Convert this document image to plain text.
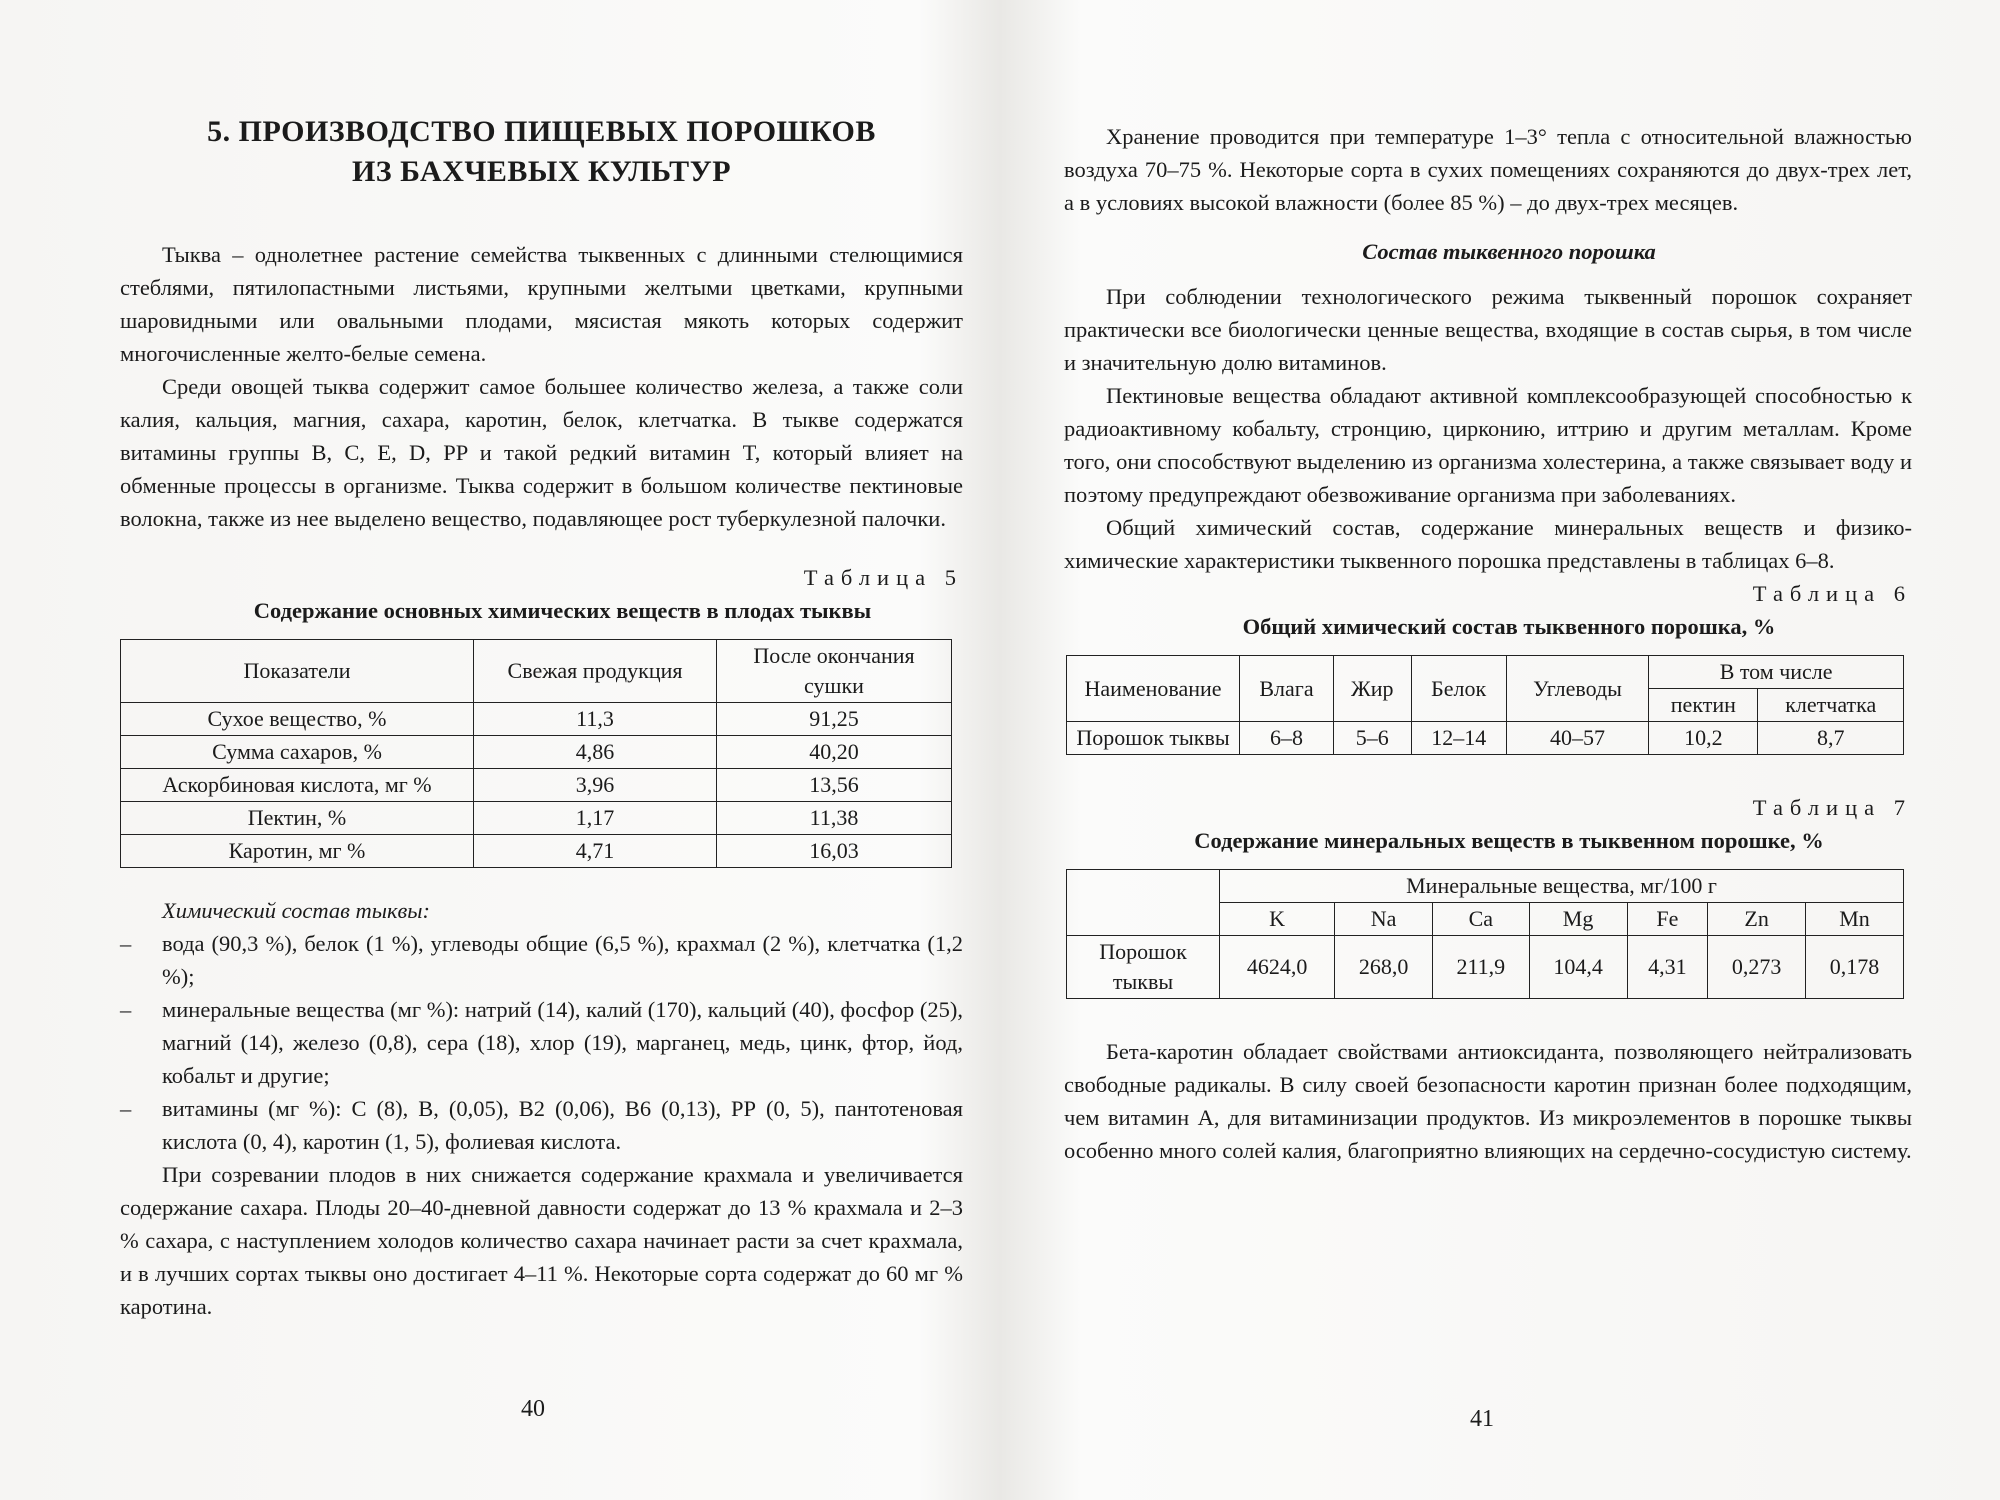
5. ПРОИЗВОДСТВО ПИЩЕВЫХ ПОРОШКОВ
ИЗ БАХЧЕВЫХ КУЛЬТУР

Тыква – однолетнее растение семейства тыквенных с длинными стелющимися стеблями, пятилопастными листьями, крупными желтыми цветками, крупными шаровидными или овальными плодами, мясистая мякоть которых содержит многочисленные желто-белые семена.

Среди овощей тыква содержит самое большее количество железа, а также соли калия, кальция, магния, сахара, каротин, белок, клетчатка. В тыкве содержатся витамины группы B, C, E, D, PP и такой редкий витамин T, который влияет на обменные процессы в организме. Тыква содержит в большом количестве пектиновые волокна, также из нее выделено вещество, подавляющее рост туберкулезной палочки.

Таблица 5

Содержание основных химических веществ в плодах тыквы

Показатели	Свежая продукция	После окончания сушки
Сухое вещество, %	11,3	91,25
Сумма сахаров, %	4,86	40,20
Аскорбиновая кислота, мг %	3,96	13,56
Пектин, %	1,17	11,38
Каротин, мг %	4,71	16,03

Химический состав тыквы:

– вода (90,3 %), белок (1 %), углеводы общие (6,5 %), крахмал (2 %), клетчатка (1,2 %);
– минеральные вещества (мг %): натрий (14), калий (170), кальций (40), фосфор (25), магний (14), железо (0,8), сера (18), хлор (19), марганец, медь, цинк, фтор, йод, кобальт и другие;
– витамины (мг %): С (8), В, (0,05), В2 (0,06), В6 (0,13), РР (0, 5), пантотеновая кислота (0, 4), каротин (1, 5), фолиевая кислота.

При созревании плодов в них снижается содержание крахмала и увеличивается содержание сахара. Плоды 20–40-дневной давности содержат до 13 % крахмала и 2–3 % сахара, с наступлением холодов количество сахара начинает расти за счет крахмала, и в лучших сортах тыквы оно достигает 4–11 %. Некоторые сорта содержат до 60 мг % каротина.

40

Хранение проводится при температуре 1–3° тепла с относительной влажностью воздуха 70–75 %. Некоторые сорта в сухих помещениях сохраняются до двух-трех лет, а в условиях высокой влажности (более 85 %) – до двух-трех месяцев.

Состав тыквенного порошка

При соблюдении технологического режима тыквенный порошок сохраняет практически все биологически ценные вещества, входящие в состав сырья, в том числе и значительную долю витаминов.

Пектиновые вещества обладают активной комплексообразующей способностью к радиоактивному кобальту, стронцию, цирконию, иттрию и другим металлам. Кроме того, они способствуют выделению из организма холестерина, а также связывает воду и поэтому предупреждают обезвоживание организма при заболеваниях.

Общий химический состав, содержание минеральных веществ и физико-химические характеристики тыквенного порошка представлены в таблицах 6–8.

Таблица 6

Общий химический состав тыквенного порошка, %

Наименование	Влага	Жир	Белок	Углеводы	В том числе	
					пектин	клетчатка
Порошок тыквы	6–8	5–6	12–14	40–57	10,2	8,7

Таблица 7

Содержание минеральных веществ в тыквенном порошке, %

	Минеральные вещества, мг/100 г						
	K	Na	Ca	Mg	Fe	Zn	Mn
Порошок тыквы	4624,0	268,0	211,9	104,4	4,31	0,273	0,178

Бета-каротин обладает свойствами антиоксиданта, позволяющего нейтрализовать свободные радикалы. В силу своей безопасности каротин признан более подходящим, чем витамин А, для витаминизации продуктов. Из микроэлементов в порошке тыквы особенно много солей калия, благоприятно влияющих на сердечно-сосудистую систему.

41
